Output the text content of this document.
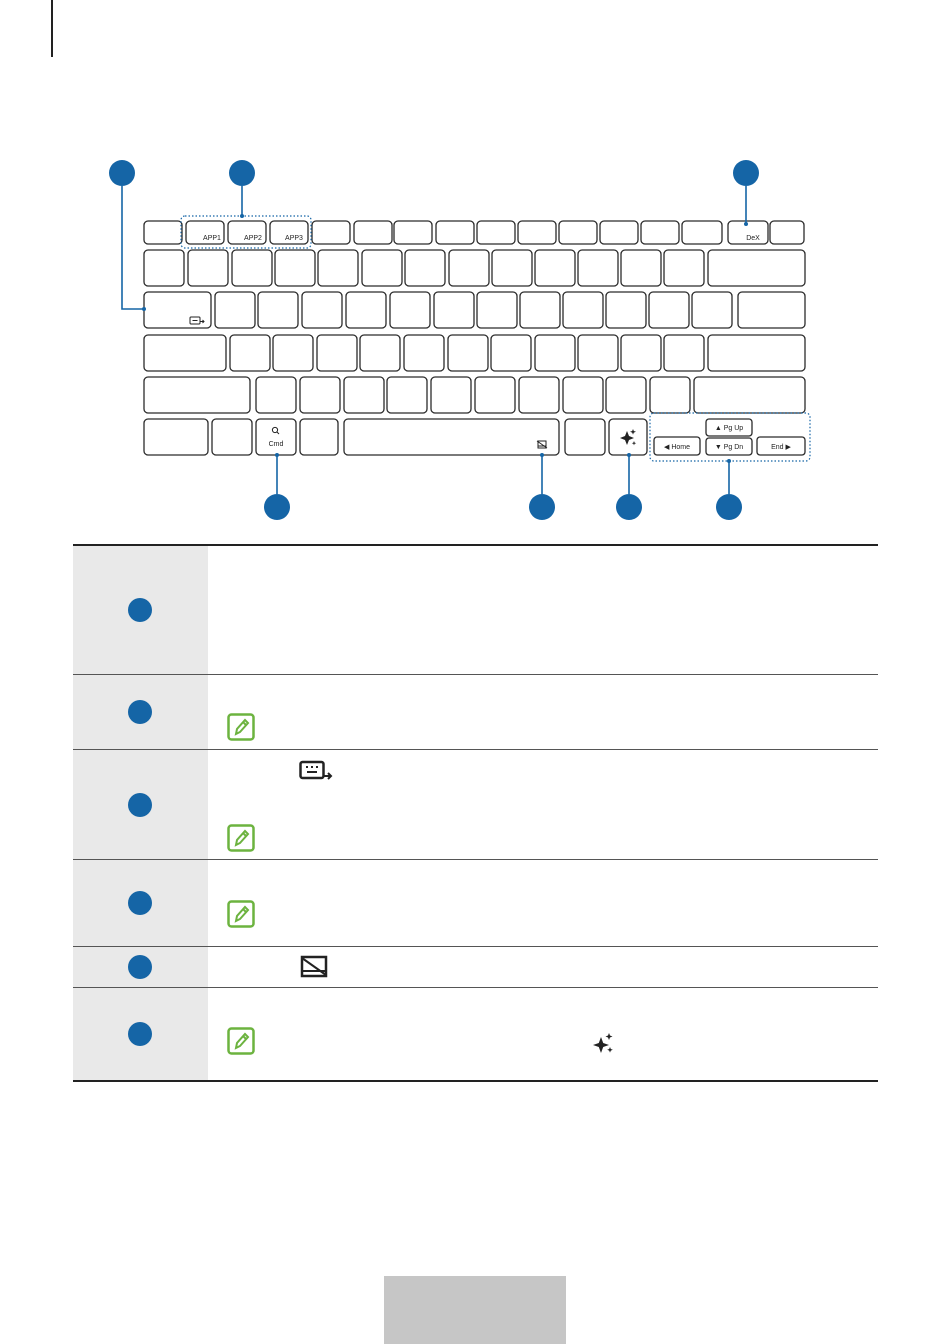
APP1	APP2	APP3	DeX
Cmd	◀ Home
▲ Pg Up
▼ Pg Dn	End ▶
